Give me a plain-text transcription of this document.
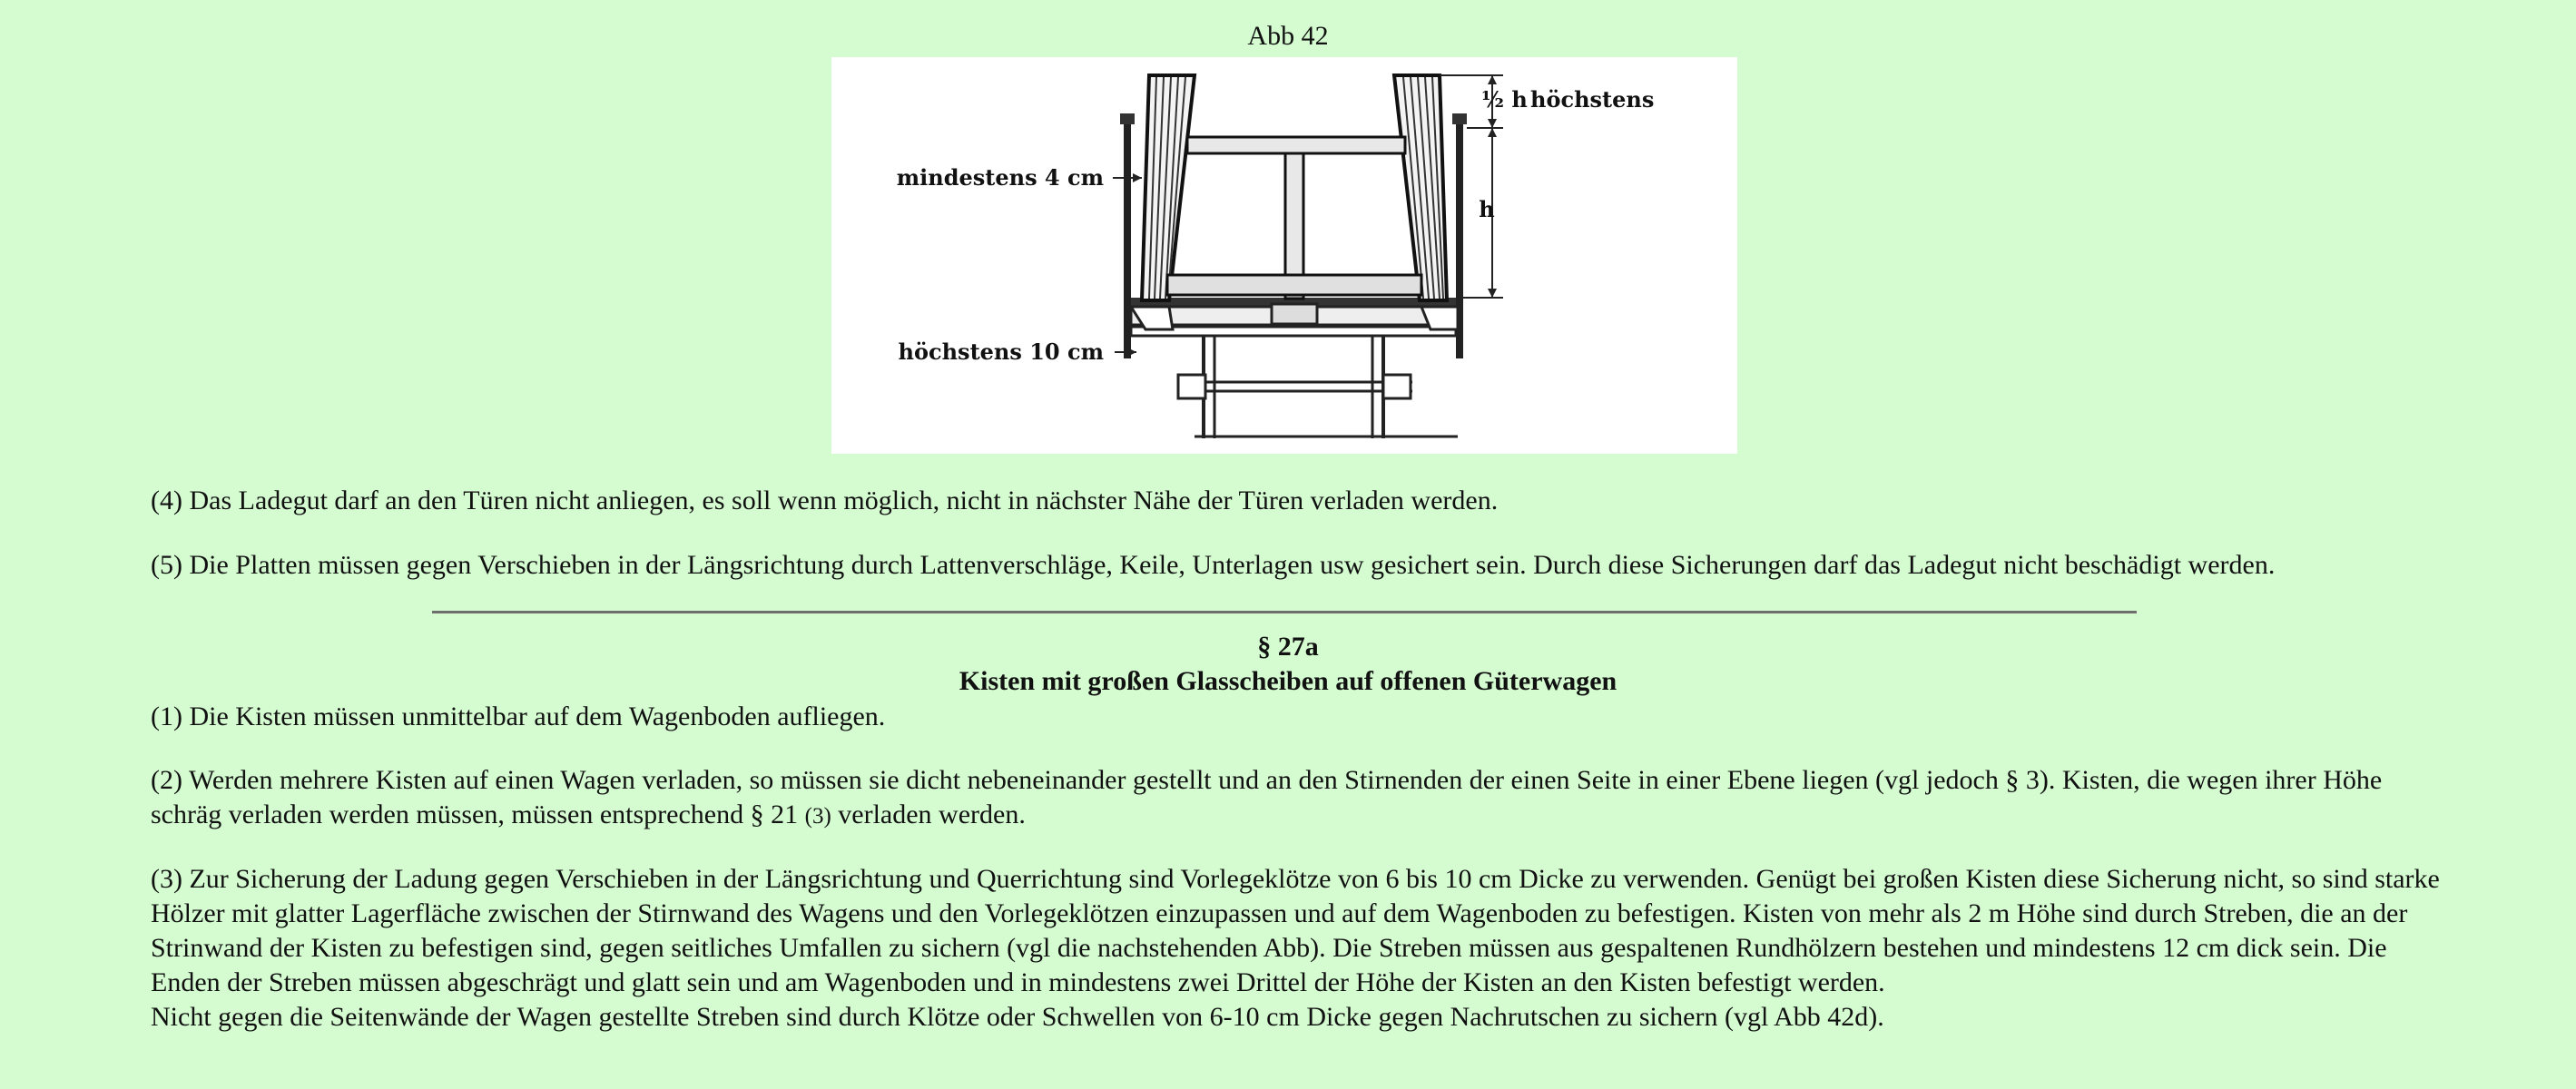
Abb 42
mindestens 4 cm
höchstens 10 cm
½ h höchstens
h

(4) Das Ladegut darf an den Türen nicht anliegen, es soll wenn möglich, nicht in nächster Nähe der Türen verladen werden.

(5) Die Platten müssen gegen Verschieben in der Längsrichtung durch Lattenverschläge, Keile, Unterlagen usw gesichert sein. Durch diese Sicherungen darf das Ladegut nicht beschädigt werden.

§ 27a

Kisten mit großen Glasscheiben auf offenen Güterwagen

(1) Die Kisten müssen unmittelbar auf dem Wagenboden aufliegen.

(2) Werden mehrere Kisten auf einen Wagen verladen, so müssen sie dicht nebeneinander gestellt und an den Stirnenden der einen Seite in einer Ebene liegen (vgl jedoch § 3). Kisten, die wegen ihrer Höhe schräg verladen werden müssen, müssen entsprechend § 21 (3) verladen werden.

(3) Zur Sicherung der Ladung gegen Verschieben in der Längsrichtung und Querrichtung sind Vorlegeklötze von 6 bis 10 cm Dicke zu verwenden. Genügt bei großen Kisten diese Sicherung nicht, so sind starke Hölzer mit glatter Lagerfläche zwischen der Stirnwand des Wagens und den Vorlegeklötzen einzupassen und auf dem Wagenboden zu befestigen. Kisten von mehr als 2 m Höhe sind durch Streben, die an der Strinwand der Kisten zu befestigen sind, gegen seitliches Umfallen zu sichern (vgl die nachstehenden Abb). Die Streben müssen aus gespaltenen Rundhölzern bestehen und mindestens 12 cm dick sein. Die Enden der Streben müssen abgeschrägt und glatt sein und am Wagenboden und in mindestens zwei Drittel der Höhe der Kisten an den Kisten befestigt werden.
Nicht gegen die Seitenwände der Wagen gestellte Streben sind durch Klötze oder Schwellen von 6-10 cm Dicke gegen Nachrutschen zu sichern (vgl Abb 42d).
